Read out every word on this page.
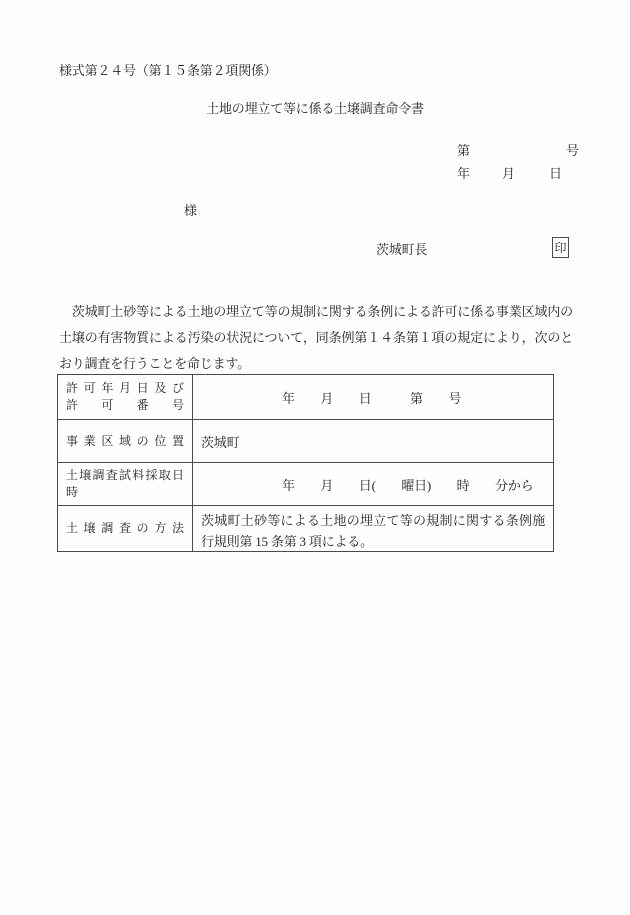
様式第２４号（第１５条第２項関係）
土地の埋立て等に係る土壌調査命令書
第	号
年 月	日
様
茨城町長	印
　茨城町土砂等による土地の埋立て等の規制に関する条例による許可に係る事業区域内の土壌の有害物質による汚染の状況について，同条例第１４条第１項の規定により，次のとおり調査を行うことを命じます。
許 可 年 月 日 及 び
許 可 番 号	年　　月　　日　　　第　　号
事 業 区 域 の 位 置	茨城町
土壌調査試料採取日時	年　　月　　日(　　曜日)　　時　　分から
土 壌 調 査 の 方 法	茨城町土砂等による土地の埋立て等の規制に関する条例施行規則第 15 条第 3 項による。
